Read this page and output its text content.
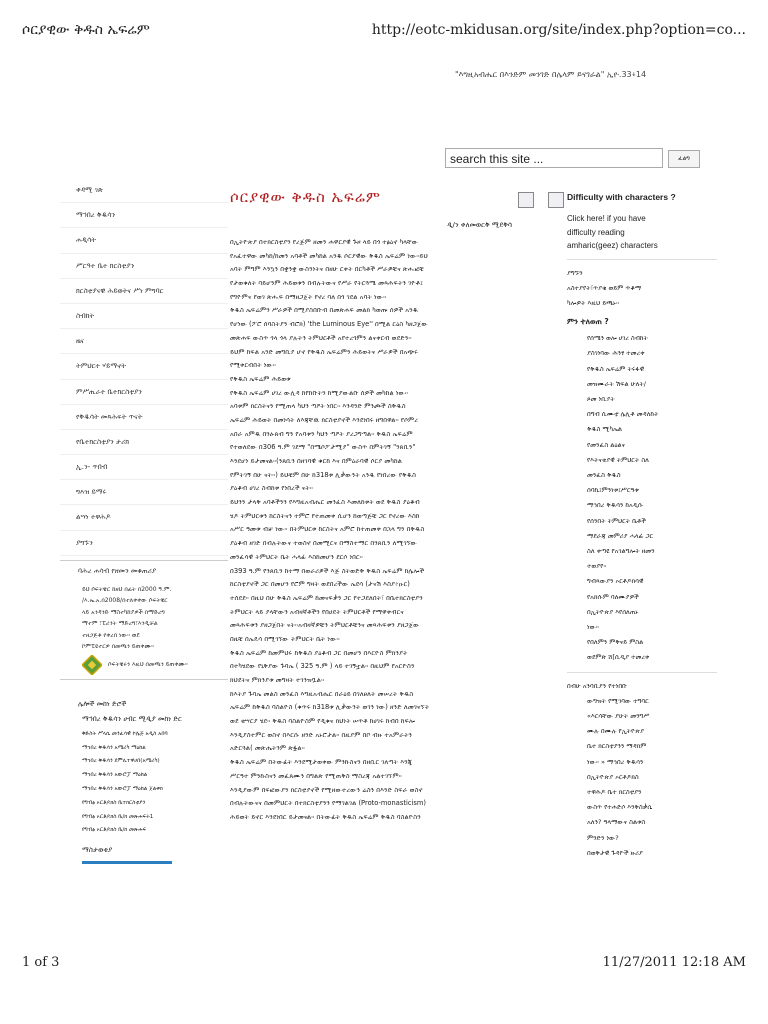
ሶርያዊው ቅዱስ ኤፍሬም	http://eotc-mkidusan.org/site/index.php?option=co...
"እግዚአብሔር በእንድም መንገድ በሌላም ይናገራል" ኢዮ.33፥14
search this site ...	ፈልግ
ቀዳሚ ገጽ
ማኅበረ ቅዱሳን
ሐዲሳት
ሥርዓተ ቤተ ክርስቲያን
ክርስቲያናዊ ሕይወትና ሥነ ምግባር
ስብከት
ዜና
ትምህርተ ሃይማኖት
ምሥጢራተ ቤተክርስቲያን
የቅዱሳት መጻሕፍት ጥናት
የቤተክርስቲያን ታሪክ
ኢ.ን- ጥበብ
ግእዝ ይማሩ
ልሣነ ተዋሕዶ
ያግኙን
ባሕረ ሐሳብ የዘመን መቁጠሪያ
ይህ ሶፍትዌር ከዘህ በፊት በ2000 ዓ.ም.
/እ.ኤ.አ.በ2008/በተለቀቀው ሶፍትዌር
ላይ አንዳንድ ማስተካከያዎች በማድረግ
ማተም ፣ፒሪንት ማድረግ፣እንዲቻል
ተዘጋጅቶ የቀረበ ነው፡፡ ወደ
ኮምፒዩተርዎ በመጫን ይጠቀሙ፡፡
ሶፍትዌሩን እዚህ በመጫን ይጠቀሙ፡፡
ሌሎች መከነ ድሮች
ማኅበረ ቅዱሳን ሀብር ሚዲያ መከነ ድር
ቅድስት ሥላሴ መንፈሳዊ ኮሌጅ አዲስ አበባ
ማኅበረ ቅዱሳን አሜሪካ ማዕከል
ማኅበረ ቅዱሳን ደምሊተዋሀበ(አሜሪካ)
ማኅበረ ቅዱሳን አውሮፓ ማዕከል
ማኅበረ ቅዱሳን አውሮፓ ማዕከል ጀልቀክ
የግብፅ ኦርቶዶክስ ቤተክርስቲያን
የግብፅ ኦርቶዶክስ ቤ/ክ መጽሐፍት1
የግብፅ ኦርቶዶክስ ቤ/ክ መጽሐፍ
ማስታወቂያ
ሶርያዊው ቅዱስ ኤፍሬም
ዲ/ን ቀለመወርቅ ሚደቅሳ

በኢትዮጵያ በተክርስቲያን የረጅም ዘመን ሐዋርያዊ ጉዞ ላይ በጎ ተፅዕኖ ካላቸው

የአፈተዋው መካከ/ከመን አባቶች መካከል አንዱ ሶርያዊው ቅዱስ ኤፍሬም ነው፡፡ይህ

አባት ምግም እንኳን በቋንቋ ውስንነትና በዘሁ ርቀት በርካቶች ሥራዎቹና ጽሑፎቹ

የታወቁለት ባይሆንም ሕይወቱን በብሉትውና የሥራ የትርጓሜ መጻሕፍትን ገዮቶ፤

የግዮምና የወገ ጽሑፍ በማዘጋጀት የኖረ ባለ በጎ ገደል አባት ነው፡፡

ቅዱስ ኤፍሬምን ሥራዎች በሚያስበቡብ በመጽሐፍ መልክ ካወጡ ሰዎች አንዱ

የሆነው (ፖሮ ሰባስትያን ብሮክ) 'the Luminous Eye'' በሚል ርዕስ ካዘጋጀው

መጽሐፍ ውስጥ ጎላ ጎላ ያሉትን ትምህርቶች አየተረጎምን ልናቀርብ ወደድን፡፡

ይህም ከፍል አንድ መግቢያ ሆኖ የቅዱስ ኤፍሬምን ሕይወትና ሥራዎች በአጭሩ

የሚቀርብበት ነው፡፡

የቅዱስ ኤፍሬም ሕይወቱ

የቅዱስ ኤፍሬም ሀገረ ውሊዳ ከየከቡትን ከሚያውልቡ ሰዎች መካከል ነው፡፡

አባቱም ክርስትናን የሚጠላ ካህን ጣዖት ነበር፡፡ እንዳንድ ምንጮች ስቅዱስ

ኤፍሬም ሕይወት በመነሳት ለእጃቸዉ ክርስቲያኖች እንደነበሩ ዘግበዋል፡፡ የሶምረ

አበራ አምዱ በንፁጸብ ግን የአባቱን ካህን ጣዖት ያረጋግጣል፡፡ ቅዱስ ኤፍሬም

የተወለደው በ306 ዓ.ም ገደማ "በሜሶፖታሚያ" ውስጥ በምትገኝ "ንጸቢን"

እንደሆነ ይታመናል፡፡(ንጸቢን በዘገባዊ ቁርከ እና በምዕራባዊ ሶርያ መካከል

የምትገኝ በሁ ናት፡፡) ይህቺም በሁ ከ318ቱ ሊቃውንት አንዱ የነበረው የቅዱስ

ያዕቆብ ሀገረ ስብከቱ የነበረች ናት፡፡

ይህንን ታላቅ አባቶችንን የእግዚአብሔር መንፈስ እመለከቱት ወደ ቅዱስ ያዕቆብ

ሄዶ ትምህርቱን ከርስትናን ተምሮ የተጠመቀ ሲሆን ከወጣጅቹ ጋር የኖረው እስከ

አሥር ዓመቱ ብቻ ነው፡፡ በትምህርቱ ከርስትና አምሮ ከተጠመቀ በኋላ ግን በቅዱስ

ያዕቆብ ዘገድ በብሉትውና ተወስኖ በመሚርና በማስተማር በንጸቢን ለሚገኘው

መንፈሳዊ ትምህርት ቤት ሓላፊ እስከመሆን ደርሶ ነበር፡፡

በ393 ዓ.ም የንጸቢን ከተማ በወራሪዎች እጅ ስትወድቅ ቅዱስ ኤፍሬም ከሌሎች

ከርስቲያኖች ጋር በመሆን የሮም ግዛት ወደበረችው ኤደሳ (ታናሽ እስያ፥ዑር)

ተሰደደ፡፡ በዚህ በሁ ቅዱስ ኤፍሬም ከመናፍቃን ጋር የተጋደለበት፣ በቤተክርስቲያን

ትምህርት ላይ ያላቸውን አብዛኛቶችን የበሀደት ትምህርቶች የማዋቀብርና

መጻሕፍቱን ያዘጋጀበት ናት፡፡አብዛኛዎቹን ትምህርቶቹንና መጻሕፍቱን ያዘጋጀው

በዚቹ በኤዴሳ በሚገኘው ትምህርት ቤት ነው፡፡

ቅዱስ ኤፍሬም ከመምህሩ ከቅዱስ ያዕቆብ ጋር በመሆን በእርዮስ ምክንያት

በተካሄደው የኒቅያው ጉባኤ ( 325 ዓ.ም ) ላይ ተገኝቷል፡፡ በዚህም የአርዮስን

ክህደትና ምክንያቱ መግዛት ተገንዝቧል፡፡

ከእትያ ጉባኤ መልስ መንፈስ እግዚአብሔር በራዕይ በገለፀለት መሠረት ቅዱስ

ኤፍሬም ከቅዱስ ባስልዮስ (ቁጥሩ ከ318ቱ ሊቃውንት ወገን ነው) ዘንድ ለመገናኘት

ወደ ቂሣርያ ሄደ፡፡ ቅዱስ ባስልዮስም የዲቁና ክህነት ሠጥቶ ከሀገሩ ከብበ ከፍሎ

እንዲያስተምር ወስኖ በእርሱ ዘንድ አኑሮታል፡፡ በዚያም በቦ ብዙ ተአምራትን

አድርጓል( መጽሔትንም ጽፏል፡፡

ቅዱስ ኤፍሬም በትውፊት እንደሚታወቀው ምንኩስናን በዘቢር ገለጣት እንጂ

ሥርዓተ ምንኩስናን መፈጸሙን በግልጽ የሚጠቅስ ማስረጃ አልተገኘም፡፡

እንዲያውም በፍፎውያን ክርስቲያኖች የሚዘውተረውን ሬስን በእንድ ስፍራ ወስኖ

በብሉትውናና በመምህርት በተክርስቲያንን የማገልገል (Proto-monasticism)

ሕይወት ይኖር እንደነበር ይታመናል፡፡ በትውፊት ቅዱስ ኤፍሬም ቅዱስ ባስልዮስን

Difficulty with characters ?
Click here! if you have
difficulty reading
amharic(geez) characters
ያግኙን
አስተያየት፣ጥያቄ ወይም ጥቆማ
ካሎዎት እዚህ ይጫኑ፡፡
ምን ተለወጠ ?
የሰሜን ወሎ ሀገረ ስብከት
ያስገነባው ሕንፃ ተመረቀ
የቅዱስ ኤፍሬም ትሩፋዊ
መዝሙራት ሽፍል ሁለት/
ጾመ ነቢያት
በግብ ሲሙቲ ሌሊቶ መዳለከት
ቅዱስ ሚካኤል
የመንፈስ ልዕልና
የእትናቂያዊ ትምህርት ስለ
መንፈስ ቅዱስ
ሰባኬ፤ምንነቱ፤ሥርዓቱ
ማኅበረ ቅዱሳን ከአዲሱ
የሰንበት ትምህርት ቤቶች
ማደራጃ መምሪያ ሓላፊ ጋር
ስለ ቀጣዩ የአገልግሎት ዘመን
ተወያየ፡፡
ግብጻውያን ኦርቶዶክሳዊ
የአክሱም ባለሙያዎች
በኢትዮጵያ እየሰለጠኑ
ነው፡፡
የበለምን ምቅናይ ምስል
ወደምጽ ሸ[ሲዲያ ተመረቀ
በብሁ አንባቢያን የተነበቡ
ውግዝት የሚገባው ተግባር
«እርሳቸው ያሁት መንግሥ
ሙሉ በሙሉ የኢትዮጵያ
ቤተ ክርስቲያንን ማዳክም
ነው፡፡ » ማኅበረ ቅዱሳን
በኢትዮጵያ ኦርቶዶክስ
ተዋሕዶ ቤተ ክርስቲያን
ውስጥ የተሐድሶ እንቅስቃሴ
አለን? ዓላማውና ስልቱስ
ምንድን ነው?
በወቅታዊ ጉዳዮች ዙሪያ
1 of 3	11/27/2011 12:18 AM
